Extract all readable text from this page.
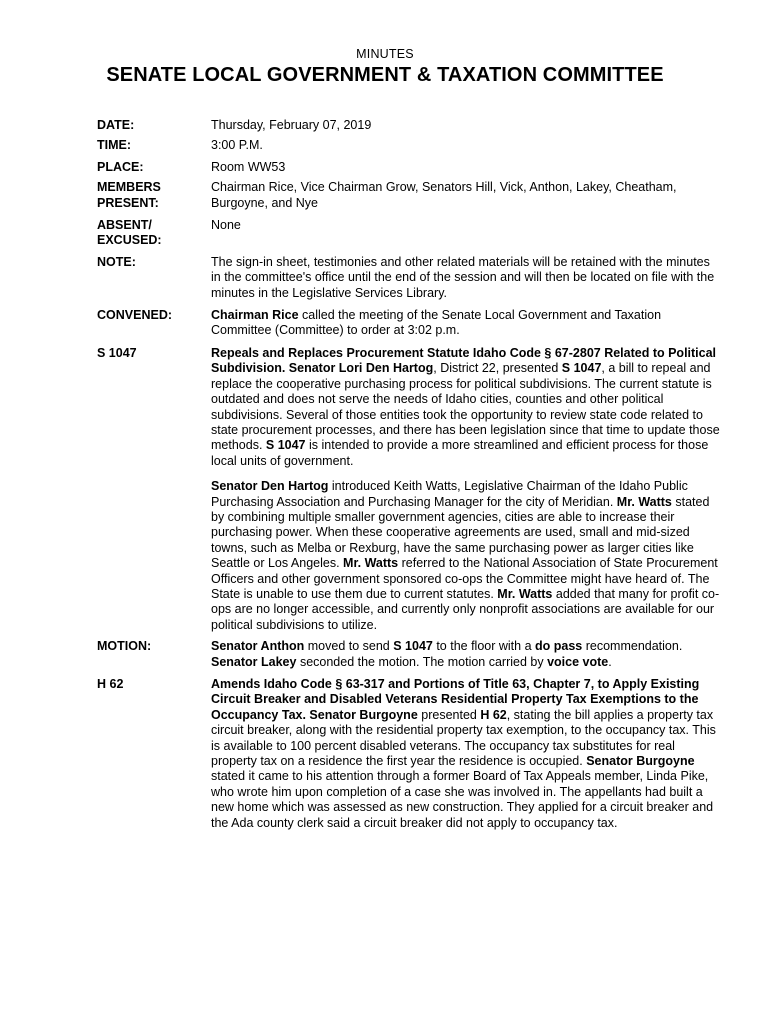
MINUTES
SENATE LOCAL GOVERNMENT & TAXATION COMMITTEE
DATE:	Thursday, February 07, 2019

TIME:	3:00 P.M.

PLACE:	Room WW53

MEMBERS
PRESENT:

Chairman Rice, Vice Chairman Grow, Senators Hill, Vick, Anthon, Lakey, Cheatham, Burgoyne, and Nye

ABSENT/
EXCUSED:

None

NOTE:	The sign-in sheet, testimonies and other related materials will be retained with the minutes in the committee's office until the end of the session and will then be located on file with the minutes in the Legislative Services Library.

CONVENED:	Chairman Rice called the meeting of the Senate Local Government and Taxation Committee (Committee) to order at 3:02 p.m.

S 1047	Repeals and Replaces Procurement Statute Idaho Code § 67-2807 Related to Political Subdivision. Senator Lori Den Hartog, District 22, presented S 1047, a bill to repeal and replace the cooperative purchasing process for political subdivisions. The current statute is outdated and does not serve the needs of Idaho cities, counties and other political subdivisions. Several of those entities took the opportunity to review state code related to state procurement processes, and there has been legislation since that time to update those methods. S 1047 is intended to provide a more streamlined and efficient process for those local units of government.

Senator Den Hartog introduced Keith Watts, Legislative Chairman of the Idaho Public Purchasing Association and Purchasing Manager for the city of Meridian. Mr. Watts stated by combining multiple smaller government agencies, cities are able to increase their purchasing power. When these cooperative agreements are used, small and mid-sized towns, such as Melba or Rexburg, have the same purchasing power as larger cities like Seattle or Los Angeles. Mr. Watts referred to the National Association of State Procurement Officers and other government sponsored co-ops the Committee might have heard of. The State is unable to use them due to current statutes. Mr. Watts added that many for profit co-ops are no longer accessible, and currently only nonprofit associations are available for our political subdivisions to utilize.

MOTION:	Senator Anthon moved to send S 1047 to the floor with a do pass recommendation. Senator Lakey seconded the motion. The motion carried by voice vote.

H 62	Amends Idaho Code § 63-317 and Portions of Title 63, Chapter 7, to Apply Existing Circuit Breaker and Disabled Veterans Residential Property Tax Exemptions to the Occupancy Tax. Senator Burgoyne presented H 62, stating the bill applies a property tax circuit breaker, along with the residential property tax exemption, to the occupancy tax. This is available to 100 percent disabled veterans. The occupancy tax substitutes for real property tax on a residence the first year the residence is occupied. Senator Burgoyne stated it came to his attention through a former Board of Tax Appeals member, Linda Pike, who wrote him upon completion of a case she was involved in. The appellants had built a new home which was assessed as new construction. They applied for a circuit breaker and the Ada county clerk said a circuit breaker did not apply to occupancy tax.
